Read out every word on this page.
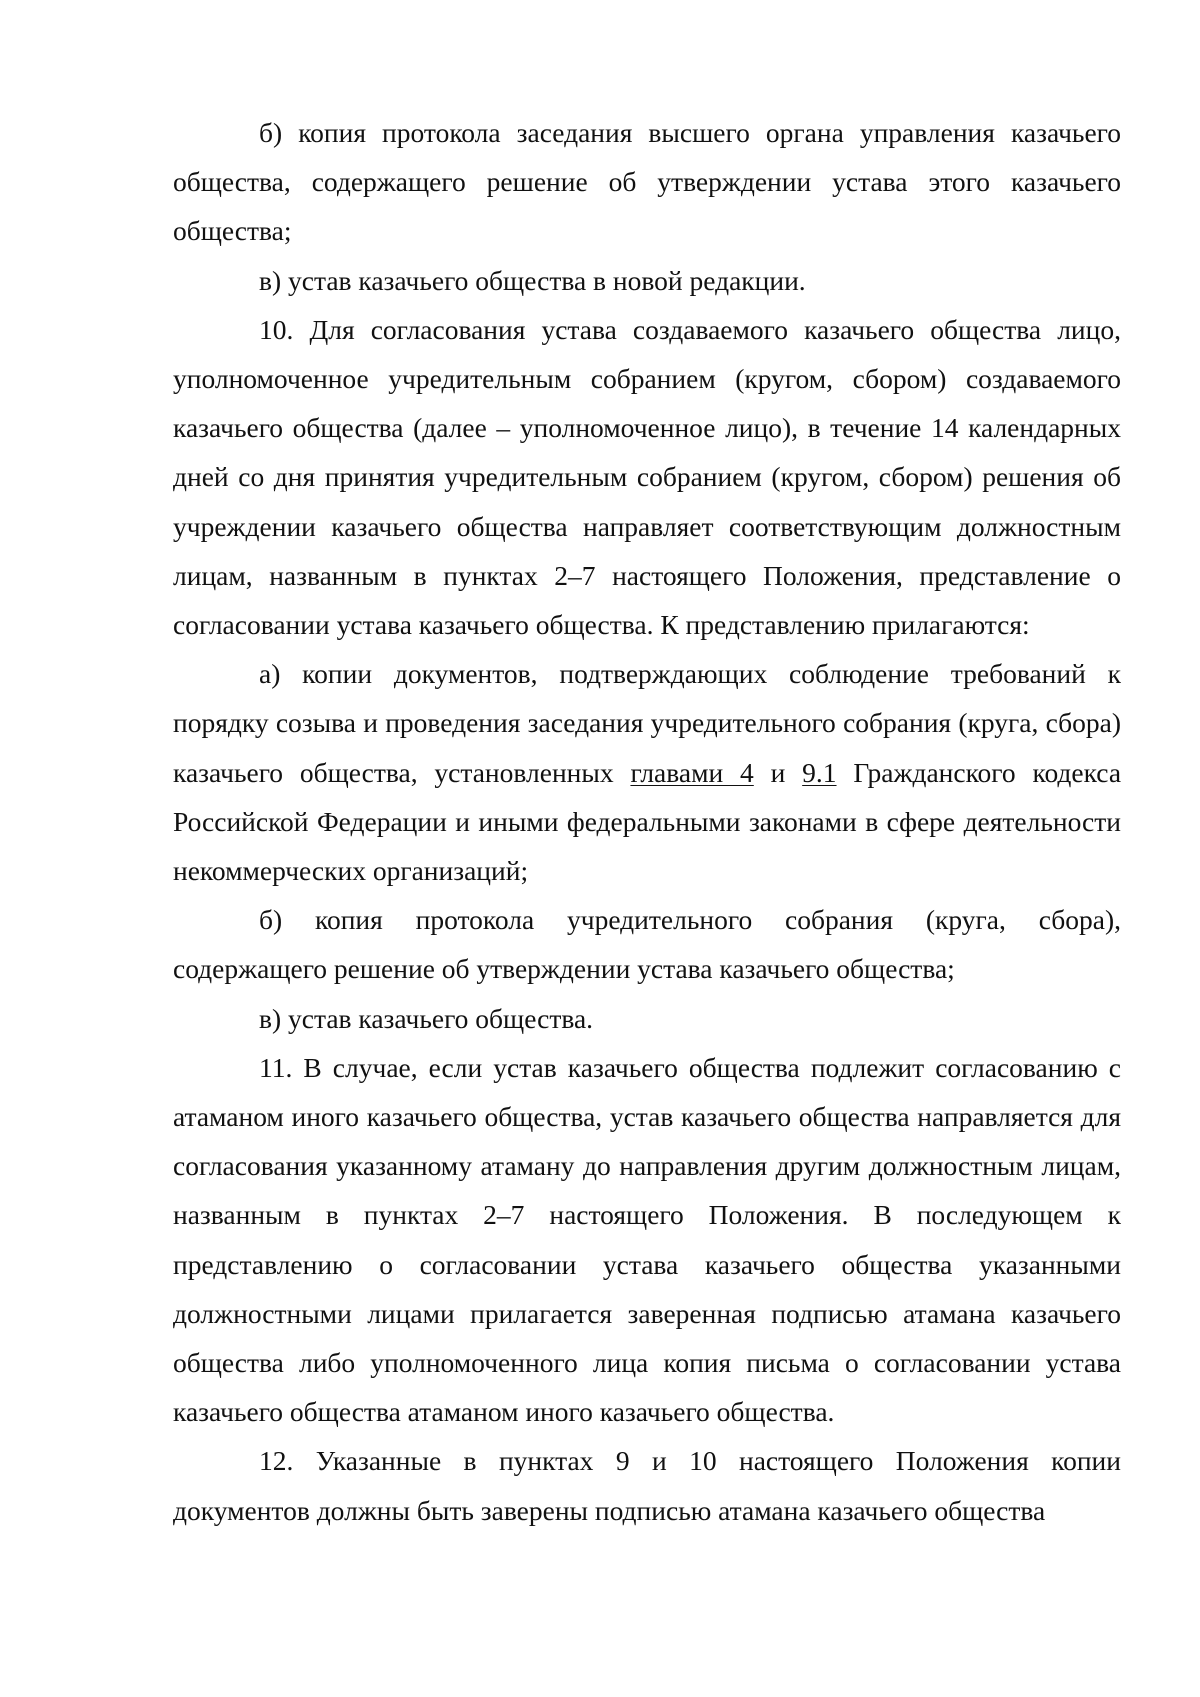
б) копия протокола заседания высшего органа управления казачьего общества, содержащего решение об утверждении устава этого казачьего общества;

в) устав казачьего общества в новой редакции.

10. Для согласования устава создаваемого казачьего общества лицо, уполномоченное учредительным собранием (кругом, сбором) создаваемого казачьего общества (далее – уполномоченное лицо), в течение 14 календарных дней со дня принятия учредительным собранием (кругом, сбором) решения об учреждении казачьего общества направляет соответствующим должностным лицам, названным в пунктах 2–7 настоящего Положения, представление о согласовании устава казачьего общества. К представлению прилагаются:

а) копии документов, подтверждающих соблюдение требований к порядку созыва и проведения заседания учредительного собрания (круга, сбора) казачьего общества, установленных главами 4 и 9.1 Гражданского кодекса Российской Федерации и иными федеральными законами в сфере деятельности некоммерческих организаций;

б) копия протокола учредительного собрания (круга, сбора), содержащего решение об утверждении устава казачьего общества;

в) устав казачьего общества.

11. В случае, если устав казачьего общества подлежит согласованию с атаманом иного казачьего общества, устав казачьего общества направляется для согласования указанному атаману до направления другим должностным лицам, названным в пунктах 2–7 настоящего Положения. В последующем к представлению о согласовании устава казачьего общества указанными должностными лицами прилагается заверенная подписью атамана казачьего общества либо уполномоченного лица копия письма о согласовании устава казачьего общества атаманом иного казачьего общества.

12. Указанные в пунктах 9 и 10 настоящего Положения копии документов должны быть заверены подписью атамана казачьего общества
